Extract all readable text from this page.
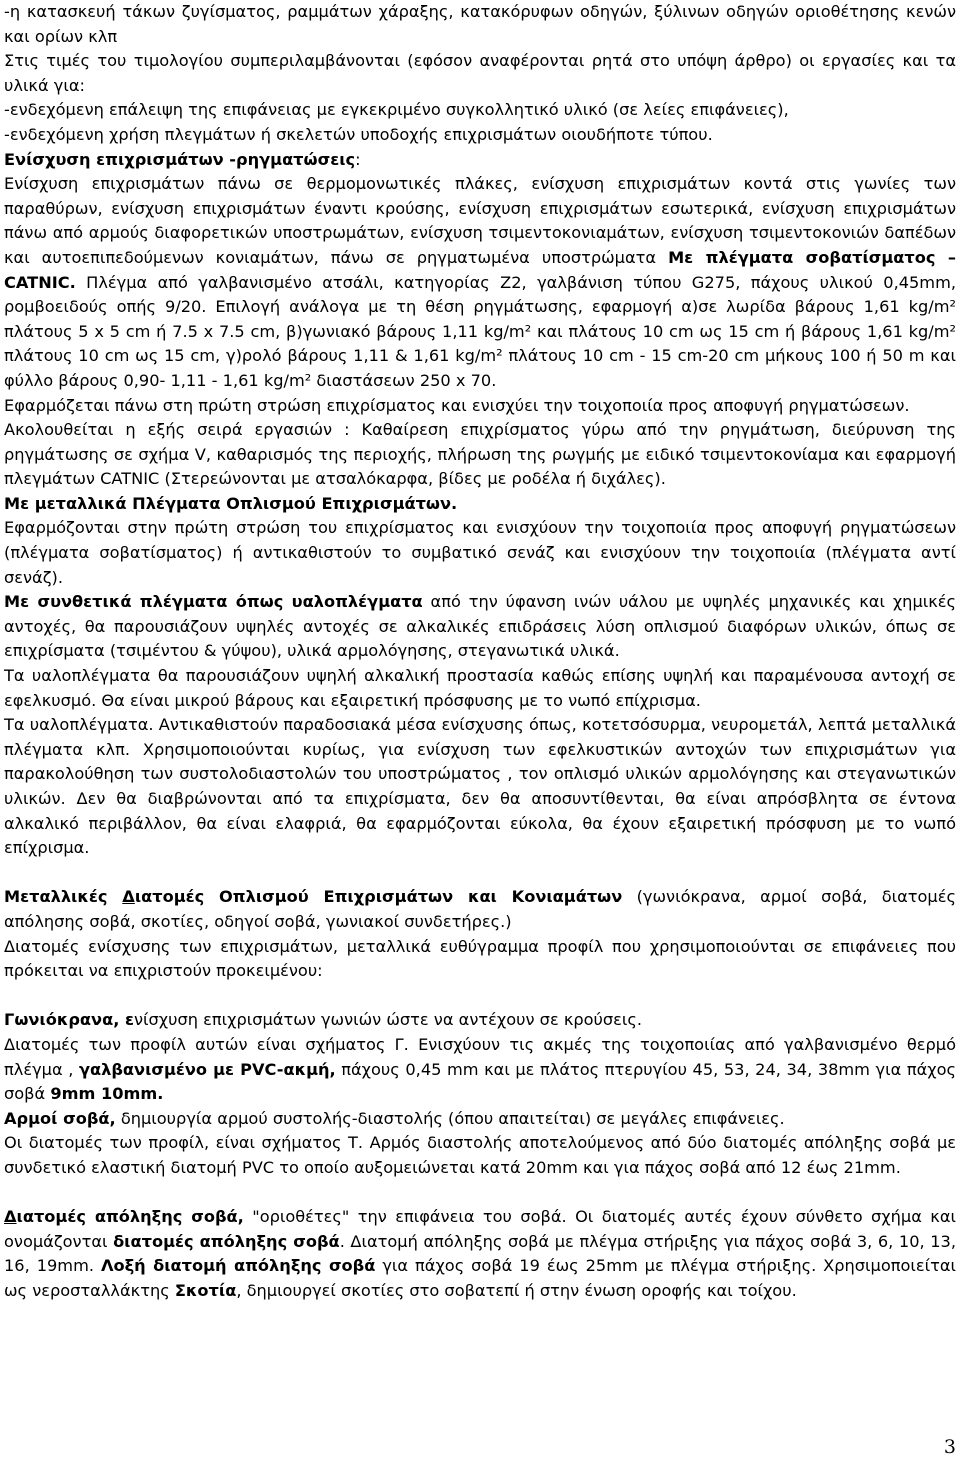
-η κατασκευή τάκων ζυγίσματος, ραμμάτων χάραξης, κατακόρυφων οδηγών, ξύλινων οδηγών οριοθέτησης κενών και ορίων κλπ

Στις τιμές του τιμολογίου συμπεριλαμβάνονται (εφόσον αναφέρονται ρητά στο υπόψη άρθρο) οι εργασίες και τα υλικά για:

-ενδεχόμενη επάλειψη της επιφάνειας με εγκεκριμένο συγκολλητικό υλικό (σε λείες επιφάνειες),

-ενδεχόμενη χρήση πλεγμάτων ή σκελετών υποδοχής επιχρισμάτων οιουδήποτε τύπου.

Ενίσχυση επιχρισμάτων -ρηγματώσεις:

Ενίσχυση επιχρισμάτων πάνω σε θερμομονωτικές πλάκες, ενίσχυση επιχρισμάτων κοντά στις γωνίες των παραθύρων, ενίσχυση επιχρισμάτων έναντι κρούσης, ενίσχυση επιχρισμάτων εσωτερικά, ενίσχυση επιχρισμάτων πάνω από αρμούς διαφορετικών υποστρωμάτων, ενίσχυση τσιμεντοκονιαμάτων, ενίσχυση τσιμεντοκονιών δαπέδων και αυτοεπιπεδούμενων κονιαμάτων, πάνω σε ρηγματωμένα υποστρώματα Με πλέγματα σοβατίσματος – CATNIC. Πλέγμα από γαλβανισμένο ατσάλι, κατηγορίας Z2, γαλβάνιση τύπου G275, πάχους υλικού 0,45mm, ρομβοειδούς οπής 9/20. Επιλογή ανάλογα με τη θέση ρηγμάτωσης, εφαρμογή α)σε λωρίδα βάρους 1,61 kg/m² πλάτους 5 x 5 cm ή 7.5 x 7.5 cm, β)γωνιακό βάρους 1,11 kg/m² και πλάτους 10 cm ως 15 cm ή βάρους 1,61 kg/m² πλάτους 10 cm ως 15 cm, γ)ρολό βάρους 1,11 & 1,61 kg/m² πλάτους 10 cm - 15 cm-20 cm μήκους 100 ή 50 m και φύλλο βάρους 0,90- 1,11 - 1,61 kg/m² διαστάσεων 250 x 70.

Εφαρμόζεται πάνω στη πρώτη στρώση επιχρίσματος και ενισχύει την τοιχοποιία προς αποφυγή ρηγματώσεων.

Ακολουθείται η εξής σειρά εργασιών : Καθαίρεση επιχρίσματος γύρω από την ρηγμάτωση, διεύρυνση της ρηγμάτωσης σε σχήμα V, καθαρισμός της περιοχής, πλήρωση της ρωγμής με ειδικό τσιμεντοκονίαμα και εφαρμογή πλεγμάτων CATNIC (Στερεώνονται με ατσαλόκαρφα, βίδες με ροδέλα ή διχάλες).

Με μεταλλικά Πλέγματα Οπλισμού Επιχρισμάτων.

Εφαρμόζονται στην πρώτη στρώση του επιχρίσματος και ενισχύουν την τοιχοποιία προς αποφυγή ρηγματώσεων (πλέγματα σοβατίσματος) ή αντικαθιστούν το συμβατικό σενάζ και ενισχύουν την τοιχοποιία (πλέγματα αντί σενάζ).

Με συνθετικά πλέγματα όπως υαλοπλέγματα από την ύφανση ινών υάλου με υψηλές μηχανικές και χημικές αντοχές, θα παρουσιάζουν υψηλές αντοχές σε αλκαλικές επιδράσεις λύση οπλισμού διαφόρων υλικών, όπως σε επιχρίσματα (τσιμέντου & γύψου), υλικά αρμολόγησης, στεγανωτικά υλικά.

Τα υαλοπλέγματα θα παρουσιάζουν υψηλή αλκαλική προστασία καθώς επίσης υψηλή και παραμένουσα αντοχή σε εφελκυσμό. Θα είναι μικρού βάρους και εξαιρετική πρόσφυσης με το νωπό επίχρισμα.

Τα υαλοπλέγματα. Αντικαθιστούν παραδοσιακά μέσα ενίσχυσης όπως, κοτετσόσυρμα, νευρομετάλ, λεπτά μεταλλικά πλέγματα κλπ. Χρησιμοποιούνται κυρίως, για ενίσχυση των εφελκυστικών αντοχών των επιχρισμάτων για παρακολούθηση των συστολοδιαστολών του υποστρώματος , τον οπλισμό υλικών αρμολόγησης και στεγανωτικών υλικών. Δεν θα διαβρώνονται από τα επιχρίσματα, δεν θα αποσυντίθενται, θα είναι απρόσβλητα σε έντονα αλκαλικό περιβάλλον, θα είναι ελαφριά, θα εφαρμόζονται εύκολα, θα έχουν εξαιρετική πρόσφυση με το νωπό επίχρισμα.

Μεταλλικές Διατομές Οπλισμού Επιχρισμάτων και Κονιαμάτων (γωνιόκρανα, αρμοί σοβά, διατομές απόλησης σοβά, σκοτίες, οδηγοί σοβά, γωνιακοί συνδετήρες.)

Διατομές ενίσχυσης των επιχρισμάτων, μεταλλικά ευθύγραμμα προφίλ που χρησιμοποιούνται σε επιφάνειες που πρόκειται να επιχριστούν προκειμένου:

Γωνιόκρανα, ενίσχυση επιχρισμάτων γωνιών ώστε να αντέχουν σε κρούσεις.

Διατομές των προφίλ αυτών είναι σχήματος Γ. Ενισχύουν τις ακμές της τοιχοποιίας από γαλβανισμένο θερμό πλέγμα , γαλβανισμένο με PVC-ακμή, πάχους 0,45 mm και με πλάτος πτερυγίου 45, 53, 24, 34, 38mm για πάχος σοβά 9mm 10mm.

Αρμοί σοβά, δημιουργία αρμού συστολής-διαστολής (όπου απαιτείται) σε μεγάλες επιφάνειες.

Οι διατομές των προφίλ, είναι σχήματος Τ. Αρμός διαστολής αποτελούμενος από δύο διατομές απόληξης σοβά με συνδετικό ελαστική διατομή PVC το οποίο αυξομειώνεται κατά 20mm και για πάχος σοβά από 12 έως 21mm.

Διατομές απόληξης σοβά, "οριοθέτες" την επιφάνεια του σοβά. Οι διατομές αυτές έχουν σύνθετο σχήμα και ονομάζονται διατομές απόληξης σοβά. Διατομή απόληξης σοβά με πλέγμα στήριξης για πάχος σοβά 3, 6, 10, 13, 16, 19mm. Λοξή διατομή απόληξης σοβά για πάχος σοβά 19 έως 25mm με πλέγμα στήριξης. Χρησιμοποιείται ως νεροσταλλάκτης Σκοτία, δημιουργεί σκοτίες στο σοβατεπί ή στην ένωση οροφής και τοίχου.

3
